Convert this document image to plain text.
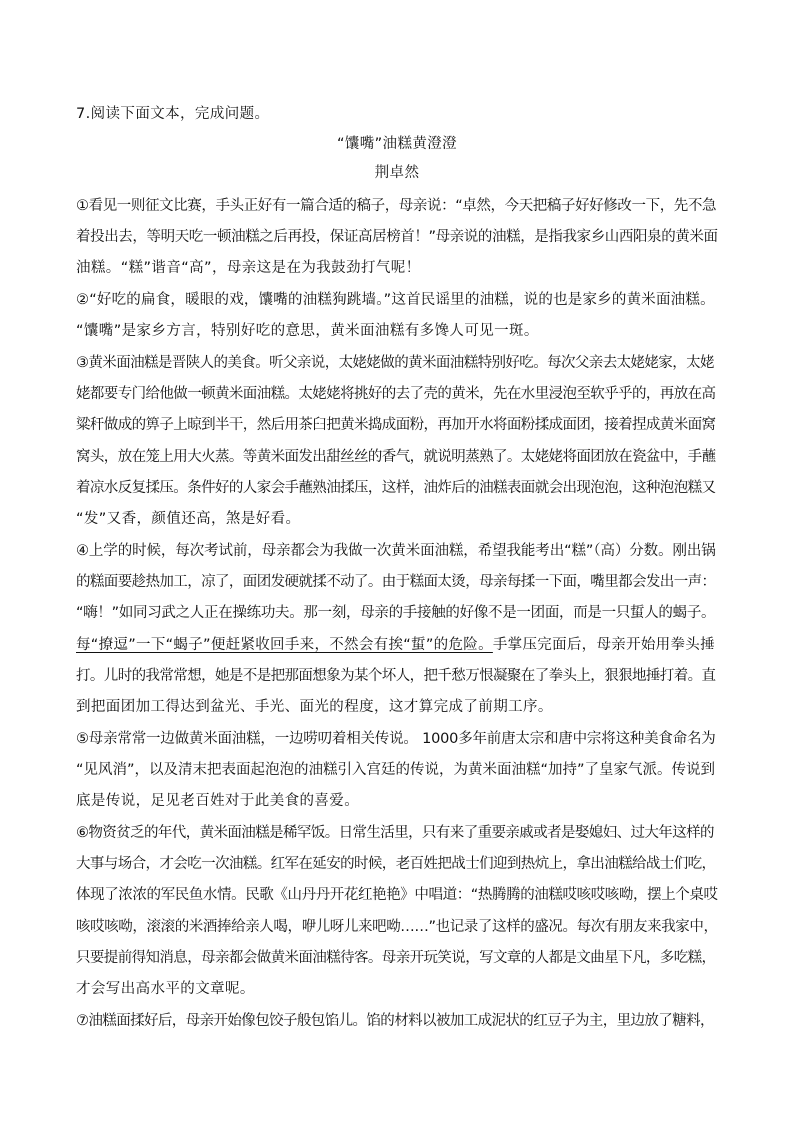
7.阅读下面文本，完成问题。
“馕嘴”油糕黄澄澄
荆卓然
①看见一则征文比赛，手头正好有一篇合适的稿子，母亲说：“卓然，今天把稿子好好修改一下，先不急
着投出去，等明天吃一顿油糕之后再投，保证高居榜首！”母亲说的油糕，是指我家乡山西阳泉的黄米面
油糕。“糕”谐音“高”，母亲这是在为我鼓劲打气呢！
②“好吃的扁食，暖眼的戏，馕嘴的油糕狗跳墙。”这首民谣里的油糕，说的也是家乡的黄米面油糕。
“馕嘴”是家乡方言，特别好吃的意思，黄米面油糕有多馋人可见一斑。
③黄米面油糕是晋陕人的美食。听父亲说，太姥姥做的黄米面油糕特别好吃。每次父亲去太姥姥家，太姥
姥都要专门给他做一顿黄米面油糕。太姥姥将挑好的去了壳的黄米，先在水里浸泡至软乎乎的，再放在高
粱秆做成的箅子上晾到半干，然后用茶臼把黄米捣成面粉，再加开水将面粉揉成面团，接着捏成黄米面窝
窝头，放在笼上用大火蒸。等黄米面发出甜丝丝的香气，就说明蒸熟了。太姥姥将面团放在瓷盆中，手蘸
着凉水反复揉压。条件好的人家会手蘸熟油揉压，这样，油炸后的油糕表面就会出现泡泡，这种泡泡糕又
“发”又香，颜值还高，煞是好看。
④上学的时候，每次考试前，母亲都会为我做一次黄米面油糕，希望我能考出“糕”（高）分数。刚出锅
的糕面要趁热加工，凉了，面团发硬就揉不动了。由于糕面太烫，母亲每揉一下面，嘴里都会发出一声：
“嗨！”如同习武之人正在操练功夫。那一刻，母亲的手接触的好像不是一团面，而是一只蜇人的蝎子。
每“撩逗”一下“蝎子”便赶紧收回手来，不然会有挨“蜇”的危险。手掌压完面后，母亲开始用拳头捶
打。儿时的我常常想，她是不是把那面想象为某个坏人，把千愁万恨凝聚在了拳头上，狠狠地捶打着。直
到把面团加工得达到盆光、手光、面光的程度，这才算完成了前期工序。
⑤母亲常常一边做黄米面油糕，一边唠叨着相关传说。 1000多年前唐太宗和唐中宗将这种美食命名为
“见风消”，以及清末把表面起泡泡的油糕引入宫廷的传说，为黄米面油糕“加持”了皇家气派。传说到
底是传说，足见老百姓对于此美食的喜爱。
⑥物资贫乏的年代，黄米面油糕是稀罕饭。日常生活里，只有来了重要亲戚或者是娶媳妇、过大年这样的
大事与场合，才会吃一次油糕。红军在延安的时候，老百姓把战士们迎到热炕上，拿出油糕给战士们吃，
体现了浓浓的军民鱼水情。民歌《山丹丹开花红艳艳》中唱道：“热腾腾的油糕哎咳哎咳呦，摆上个桌哎
咳哎咳呦，滚滚的米酒捧给亲人喝，咿儿呀儿来吧呦……”也记录了这样的盛况。每次有朋友来我家中，
只要提前得知消息，母亲都会做黄米面油糕待客。母亲开玩笑说，写文章的人都是文曲星下凡，多吃糕，
才会写出高水平的文章呢。
⑦油糕面揉好后，母亲开始像包饺子般包馅儿。馅的材料以被加工成泥状的红豆子为主，里边放了糖料，
